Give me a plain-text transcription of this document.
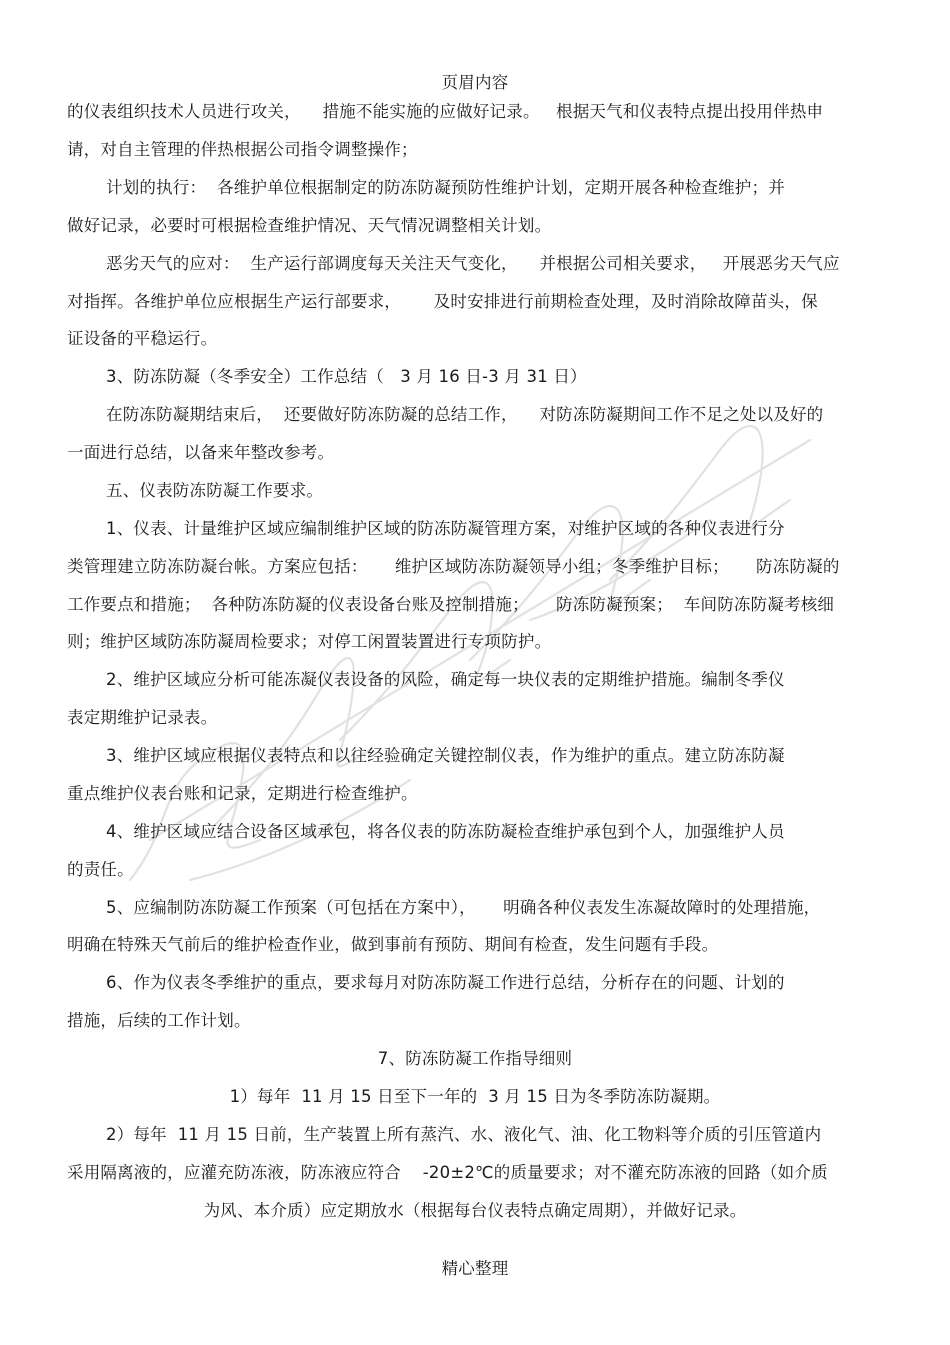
页眉内容

的仪表组织技术人员进行攻关，    措施不能实施的应做好记录。   根据天气和仪表特点提出投用伴热申

请，对自主管理的伴热根据公司指令调整操作；

计划的执行：  各维护单位根据制定的防冻防凝预防性维护计划，定期开展各种检查维护；并

做好记录，必要时可根据检查维护情况、天气情况调整相关计划。

恶劣天气的应对：  生产运行部调度每天关注天气变化，    并根据公司相关要求，   开展恶劣天气应

对指挥。各维护单位应根据生产运行部要求，      及时安排进行前期检查处理，及时消除故障苗头，保

证设备的平稳运行。

3、防冻防凝（冬季安全）工作总结（   3 月 16 日-3 月 31 日）

在防冻防凝期结束后，  还要做好防冻防凝的总结工作，    对防冻防凝期间工作不足之处以及好的

一面进行总结，以备来年整改参考。

五、仪表防冻防凝工作要求。

1、仪表、计量维护区域应编制维护区域的防冻防凝管理方案，对维护区域的各种仪表进行分

类管理建立防冻防凝台帐。方案应包括：     维护区域防冻防凝领导小组；冬季维护目标；     防冻防凝的

工作要点和措施；  各种防冻防凝的仪表设备台账及控制措施；     防冻防凝预案；  车间防冻防凝考核细

则；维护区域防冻防凝周检要求；对停工闲置装置进行专项防护。

2、维护区域应分析可能冻凝仪表设备的风险，确定每一块仪表的定期维护措施。编制冬季仪

表定期维护记录表。

3、维护区域应根据仪表特点和以往经验确定关键控制仪表，作为维护的重点。建立防冻防凝

重点维护仪表台账和记录，定期进行检查维护。

4、维护区域应结合设备区域承包，将各仪表的防冻防凝检查维护承包到个人，加强维护人员

的责任。

5、应编制防冻防凝工作预案（可包括在方案中），     明确各种仪表发生冻凝故障时的处理措施，

明确在特殊天气前后的维护检查作业，做到事前有预防、期间有检查，发生问题有手段。

6、作为仪表冬季维护的重点，要求每月对防冻防凝工作进行总结，分析存在的问题、计划的

措施，后续的工作计划。

7、防冻防凝工作指导细则

1）每年  11 月 15 日至下一年的  3 月 15 日为冬季防冻防凝期。

2）每年  11 月 15 日前，生产装置上所有蒸汽、水、液化气、油、化工物料等介质的引压管道内

采用隔离液的，应灌充防冻液，防冻液应符合    -20±2℃的质量要求；对不灌充防冻液的回路（如介质

为风、本介质）应定期放水（根据每台仪表特点确定周期），并做好记录。

精心整理
